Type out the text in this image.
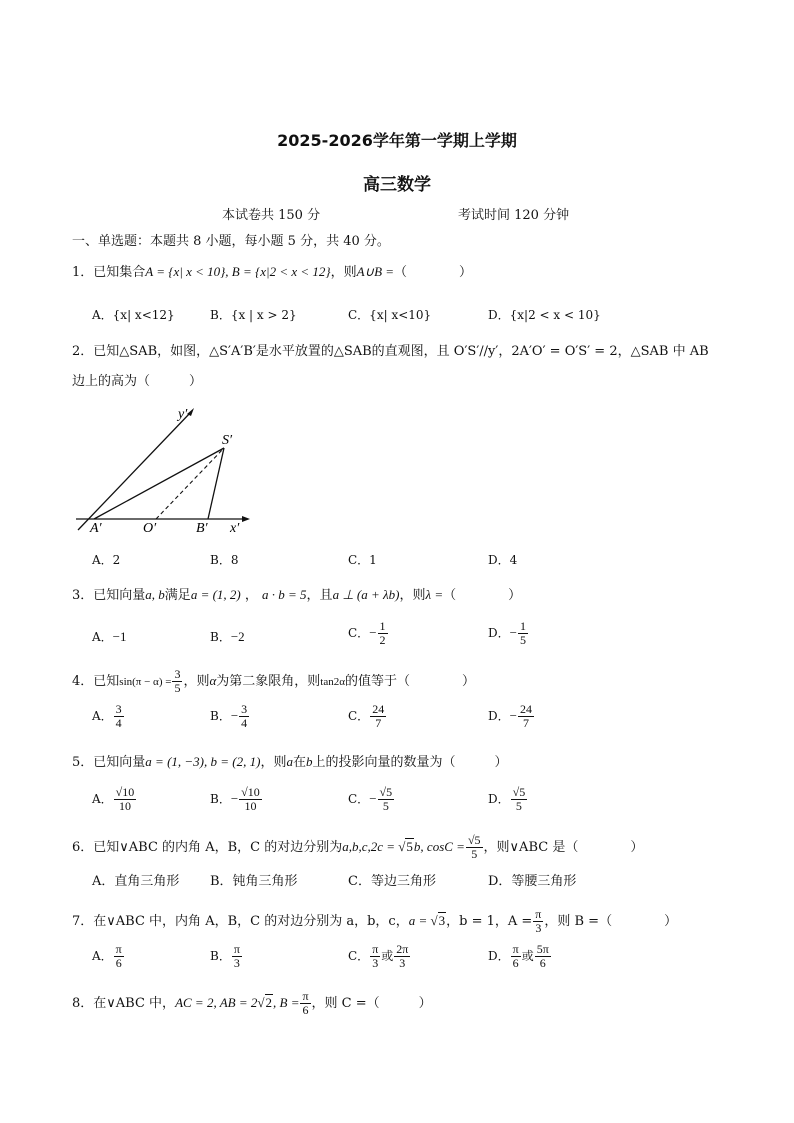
2025-2026学年第一学期上学期
高三数学
本试卷共 150 分	考试时间 120 分钟
一、单选题：本题共 8 小题，每小题 5 分，共 40 分。
1．已知集合A = {x| x < 10}, B = {x|2 < x < 12}，则A∪B =（　　　　）
A．{x| x<12}	B．{x | x > 2}	C．{x| x<10}	D．{x|2 < x < 10}
2．已知△SAB，如图，△S′A′B′是水平放置的△SAB的直观图，且 O′S′//y′，2A′O′ = O′S′ = 2，△SAB 中 AB
边上的高为（　　　）
y′
S′
A′	O′	B′ x′
A．2	B．8	C．1	D．4
3．已知向量a, b满足a = (1, 2) ， a · b = 5，且a ⊥ (a + λb)，则λ =（　　　　）
A．−1	B．−2	C．− $\frac{1}{2}$	D．− $\frac{1}{5}$
4．已知$\sin(\pi - \alpha) = \frac{3}{5}$ ，则α为第二象限角，则tan2α的值等于（　　　　）
A． $\frac{3}{4}$	B．− $\frac{3}{4}$	C． $\frac{24}{7}$	D．− $\frac{24}{7}$
5．已知向量a = (1, −3), b = (2, 1)，则a在b上的投影向量的数量为（　　　）
A． $\frac{√10}{10}$	B．− $\frac{√10}{10}$	C．− $\frac{√5}{5}$	D． $\frac{√5}{5}$
6．已知∨ABC 的内角 A，B，C 的对边分别为a,b,c,2c = √5b, $\cos C = \frac{√5}{5}$ ，则∨ABC 是（　　　　）
A．直角三角形 B．钝角三角形	C．等边三角形	D．等腰三角形
7．在∨ABC 中，内角 A，B，C 的对边分别为 a，b，c，a = √3，b = 1，$A = \frac{\pi}{3}$ ，则 B =（　　　　）
A． $\frac{\pi}{6}$	B． $\frac{\pi}{3}$	C． $\frac{\pi}{3}$ 或 $\frac{2\pi}{3}$	D． $\frac{\pi}{6}$ 或 $\frac{5\pi}{6}$
8．在∨ABC 中，AC = 2, AB = 2√2, $B = \frac{\pi}{6}$ ，则 C =（　　　）
